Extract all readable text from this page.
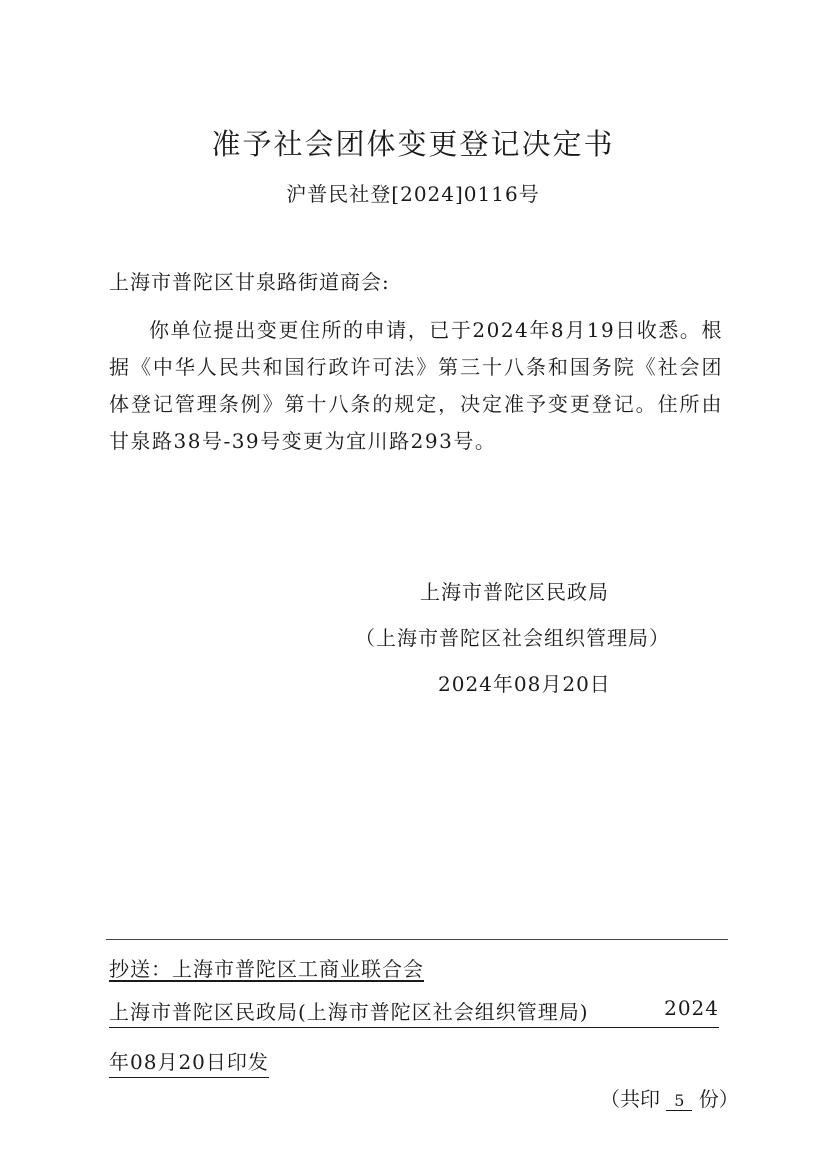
准予社会团体变更登记决定书
沪普民社登[2024]0116号
上海市普陀区甘泉路街道商会:
你单位提出变更住所的申请，已于2024年8月19日收悉。根据《中华人民共和国行政许可法》第三十八条和国务院《社会团体登记管理条例》第十八条的规定，决定准予变更登记。住所由甘泉路38号-39号变更为宜川路293号。
上海市普陀区民政局
（上海市普陀区社会组织管理局）
2024年08月20日
抄送：上海市普陀区工商业联合会
上海市普陀区民政局(上海市普陀区社会组织管理局)	2024
年08月20日印发
（共印 5 份）
